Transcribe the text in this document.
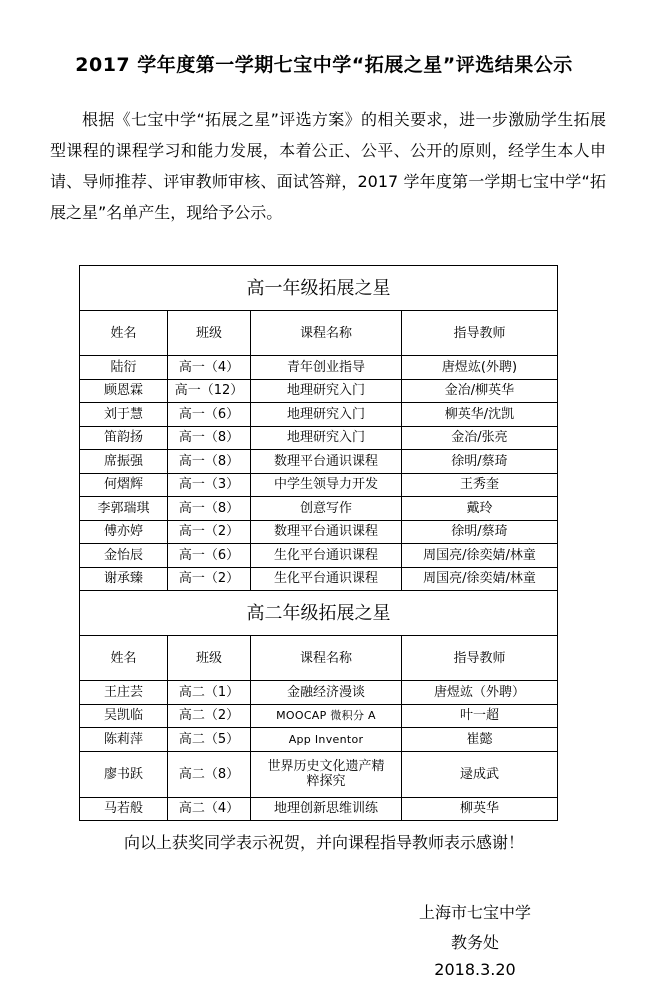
2017 学年度第一学期七宝中学“拓展之星”评选结果公示
根据《七宝中学“拓展之星”评选方案》的相关要求，进一步激励学生拓展型课程的课程学习和能力发展，本着公正、公平、公开的原则，经学生本人申请、导师推荐、评审教师审核、面试答辩，2017 学年度第一学期七宝中学“拓展之星”名单产生，现给予公示。
高一年级拓展之星			
姓名	班级	课程名称	指导教师
陆衍	高一（4）	青年创业指导	唐煜竑(外聘)
顾恩霖	高一（12）	地理研究入门	金冶/柳英华
刘于慧	高一（6）	地理研究入门	柳英华/沈凯
笛韵扬	高一（8）	地理研究入门	金冶/张亮
席振强	高一（8）	数理平台通识课程	徐明/蔡琦
何熠辉	高一（3）	中学生领导力开发	王秀奎
李郭瑞琪	高一（8）	创意写作	戴玲
傅亦婷	高一（2）	数理平台通识课程	徐明/蔡琦
金怡辰	高一（6）	生化平台通识课程	周国亮/徐奕婧/林童
谢承臻	高一（2）	生化平台通识课程	周国亮/徐奕婧/林童
高二年级拓展之星			
姓名	班级	课程名称	指导教师
王庄芸	高二（1）	金融经济漫谈	唐煜竑（外聘）
吴凯临	高二（2）	MOOCAP 微积分 A	叶一超
陈莉萍	高二（5）	App Inventor	崔懿
廖书跃	高二（8）	世界历史文化遗产精粹探究	逯成武
马若般	高二（4）	地理创新思维训练	柳英华
向以上获奖同学表示祝贺，并向课程指导教师表示感谢！
上海市七宝中学
教务处
2018.3.20
